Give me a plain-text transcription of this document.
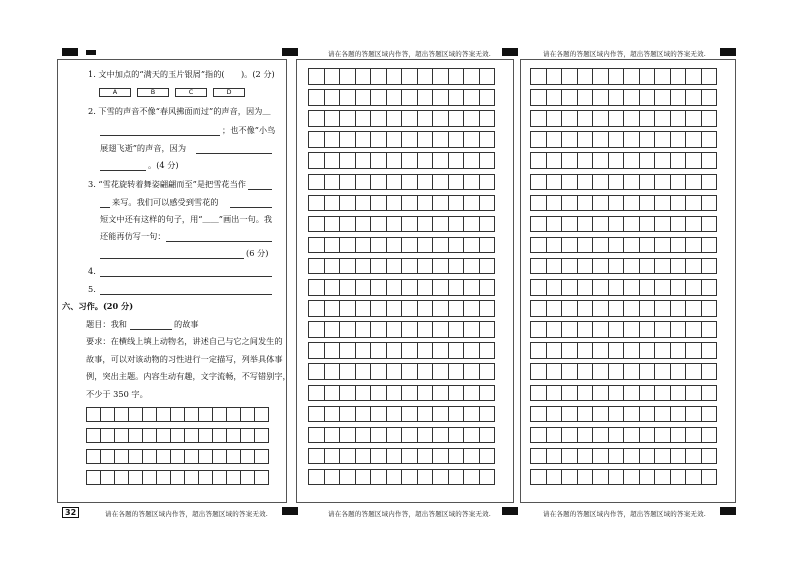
请在各题的答题区域内作答，超出答题区域的答案无效.	请在各题的答题区域内作答，超出答题区域的答案无效.
32	请在各题的答题区域内作答，超出答题区域的答案无效.	请在各题的答题区域内作答，超出答题区域的答案无效.	请在各题的答题区域内作答，超出答题区域的答案无效.
1. 文中加点的“满天的玉片银屑”指的(　　)。(2 分)
A	B	C	D
2. 下雪的声音不像“春风拂面而过”的声音，因为＿
；也不像”小鸟
展翅飞逝”的声音，因为
。(4 分)
3. “雪花旋转着舞姿翩翩而至”是把雪花当作
来写。我们可以感受到雪花的
短文中还有这样的句子，用“＿＿”画出一句。我
还能再仿写一句：
(6 分)
4.
5.
六、习作。(20 分)
题目：我和	的故事
要求：在横线上填上动物名，讲述自己与它之间发生的
故事，可以对该动物的习性进行一定描写，列举具体事
例，突出主题。内容生动有趣，文字流畅，不写错别字，
不少于 350 字。
